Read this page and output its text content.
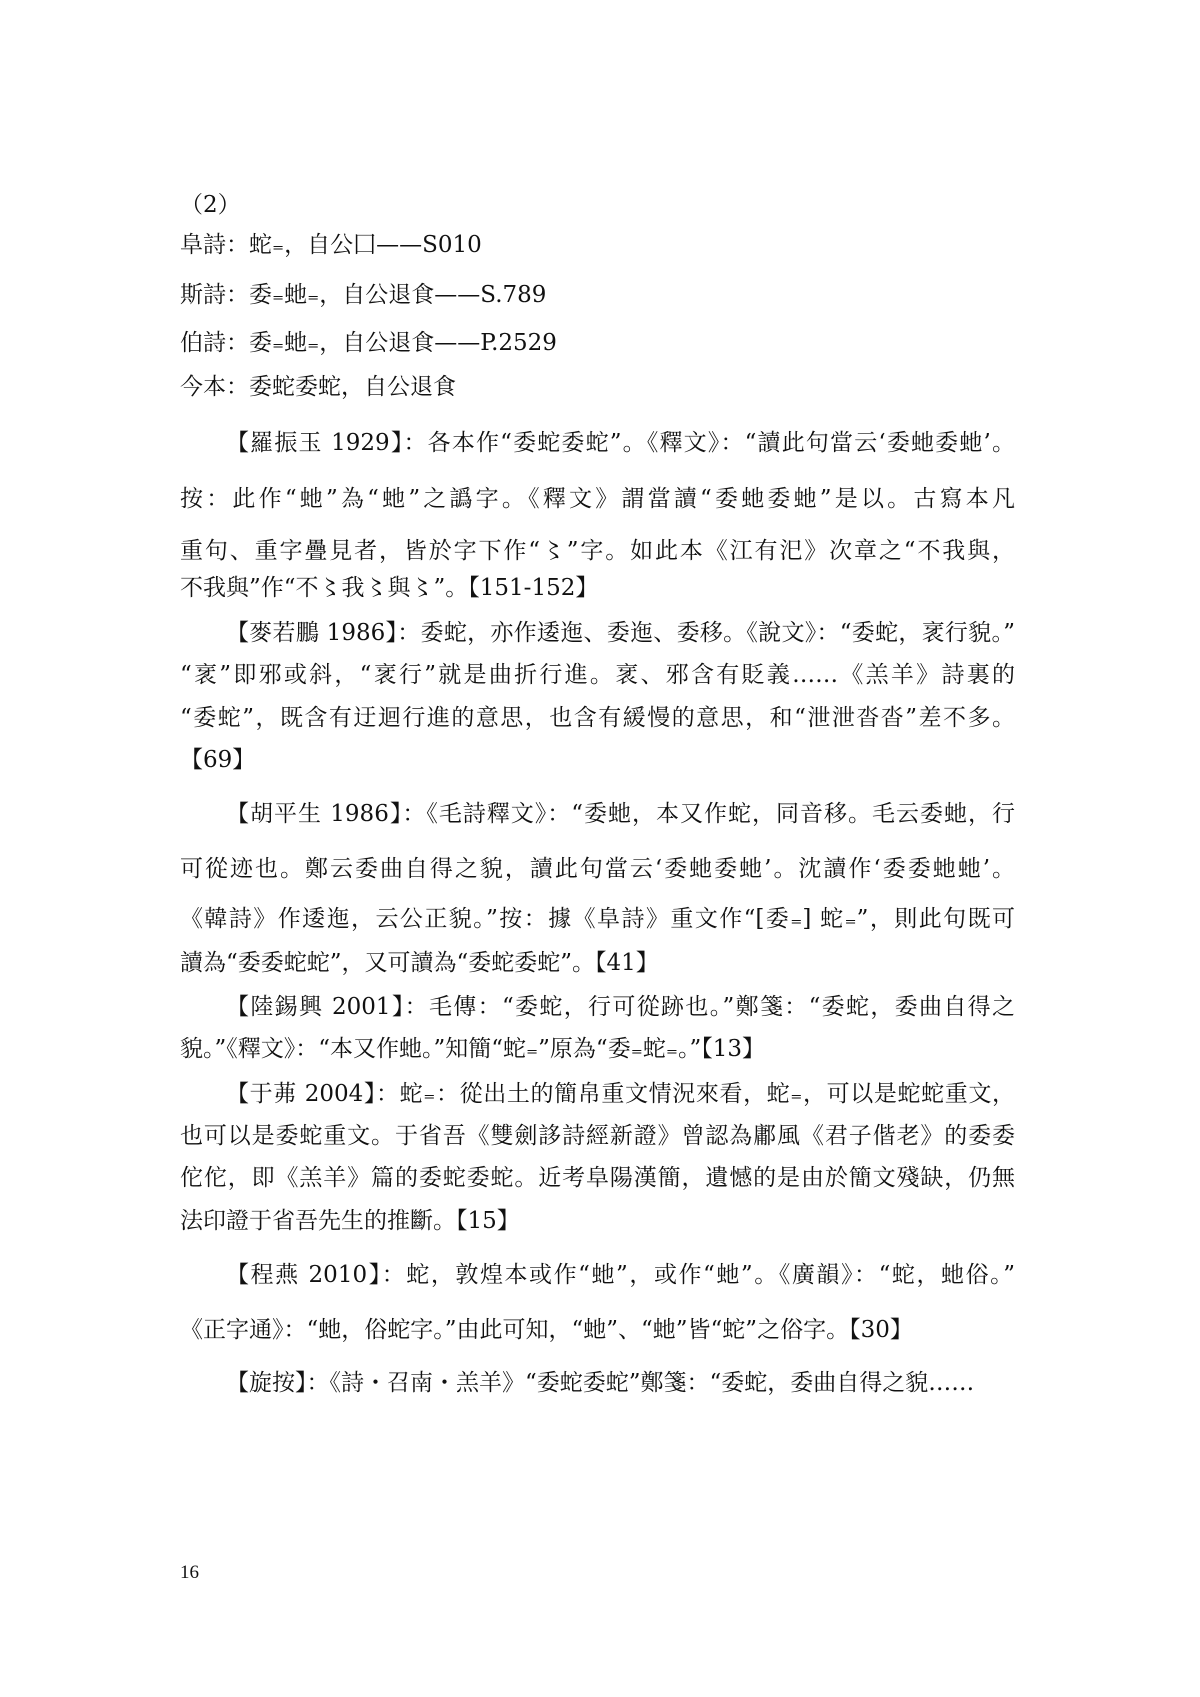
（2）
阜詩：蛇₌，自公囗——S010
斯詩：委₌虵₌，自公退食——S.789
伯詩：委₌虵₌，自公退食——P.2529
今本：委蛇委蛇，自公退食
【羅振玉 1929】：各本作“委蛇委蛇”。《釋文》：“讀此句當云‘委虵委虵’。
按：此作“虵”為“虵”之譌字。《釋文》謂當讀“委虵委虵”是以。古寫本凡
重句、重字疊見者，皆於字下作“〻”字。如此本《江有汜》次章之“不我與，
不我與”作“不〻我〻與〻”。【151-152】
【麥若鵬 1986】：委蛇，亦作逶迤、委迤、委移。《說文》：“委蛇，衺行貌。”
“衺”即邪或斜，“衺行”就是曲折行進。衺、邪含有貶義……《羔羊》詩裏的
“委蛇”，既含有迂迴行進的意思，也含有緩慢的意思，和“泄泄沓沓”差不多。
【69】
【胡平生 1986】：《毛詩釋文》：“委虵，本又作蛇，同音移。毛云委虵，行
可從迹也。鄭云委曲自得之貌，讀此句當云‘委虵委虵’。沈讀作‘委委虵虵’。
《韓詩》作逶迤，云公正貌。”按：據《阜詩》重文作“[委₌] 蛇₌”，則此句既可
讀為“委委蛇蛇”，又可讀為“委蛇委蛇”。【41】
【陸錫興 2001】：毛傳：“委蛇，行可從跡也。”鄭箋：“委蛇，委曲自得之
貌。”《釋文》：“本又作虵。”知簡“蛇₌”原為“委₌蛇₌。”【13】
【于茀 2004】：蛇₌：從出土的簡帛重文情況來看，蛇₌，可以是蛇蛇重文，
也可以是委蛇重文。于省吾《雙劍誃詩經新證》曾認為鄘風《君子偕老》的委委
佗佗，即《羔羊》篇的委蛇委蛇。近考阜陽漢簡，遺憾的是由於簡文殘缺，仍無
法印證于省吾先生的推斷。【15】
【程燕 2010】：蛇，敦煌本或作“虵”，或作“虵”。《廣韻》：“蛇，虵俗。”
《正字通》：“虵，俗蛇字。”由此可知，“虵”、“虵”皆“蛇”之俗字。【30】
【旋按】：《詩・召南・羔羊》“委蛇委蛇”鄭箋：“委蛇，委曲自得之貌……
16
